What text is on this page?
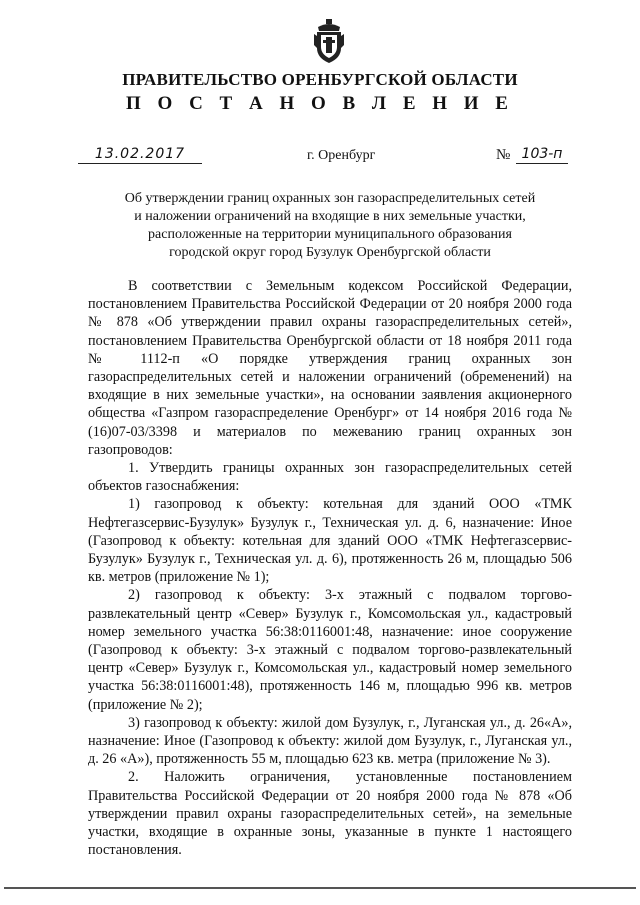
ПРАВИТЕЛЬСТВО ОРЕНБУРГСКОЙ ОБЛАСТИ
П О С Т А Н О В Л Е Н И Е
13.02.2017	г. Оренбург	№ 103-п
Об утверждении границ охранных зон газораспределительных сетей
и наложении ограничений на входящие в них земельные участки,
расположенные на территории муниципального образования
городской округ город Бузулук Оренбургской области

В соответствии с Земельным кодексом Российской Федерации, постановлением Правительства Российской Федерации от 20 ноября 2000 года № 878 «Об утверждении правил охраны газораспределительных сетей», постановлением Правительства Оренбургской области от 18 ноября 2011 года № 1112-п «О порядке утверждения границ охранных зон газораспределительных сетей и наложении ограничений (обременений) на входящие в них земельные участки», на основании заявления акционерного общества «Газпром газораспределение Оренбург» от 14 ноября 2016 года № (16)07-03/3398 и материалов по межеванию границ охранных зон газопроводов:

1. Утвердить границы охранных зон газораспределительных сетей объектов газоснабжения:

1) газопровод к объекту: котельная для зданий ООО «ТМК Нефтегазсервис-Бузулук» Бузулук г., Техническая ул. д. 6, назначение: Иное (Газопровод к объекту: котельная для зданий ООО «ТМК Нефтегазсервис-Бузулук» Бузулук г., Техническая ул. д. 6), протяженность 26 м, площадью 506 кв. метров (приложение № 1);

2) газопровод к объекту: 3-х этажный с подвалом торгово-развлекательный центр «Север» Бузулук г., Комсомольская ул., кадастровый номер земельного участка 56:38:0116001:48, назначение: иное сооружение (Газопровод к объекту: 3-х этажный с подвалом торгово-развлекательный центр «Север» Бузулук г., Комсомольская ул., кадастровый номер земельного участка 56:38:0116001:48), протяженность 146 м, площадью 996 кв. метров (приложение № 2);

3) газопровод к объекту: жилой дом Бузулук, г., Луганская ул., д. 26«А», назначение: Иное (Газопровод к объекту: жилой дом Бузулук, г., Луганская ул., д. 26 «А»), протяженность 55 м, площадью 623 кв. метра (приложение № 3).

2. Наложить ограничения, установленные постановлением Правительства Российской Федерации от 20 ноября 2000 года № 878 «Об утверждении правил охраны газораспределительных сетей», на земельные участки, входящие в охранные зоны, указанные в пункте 1 настоящего постановления.
